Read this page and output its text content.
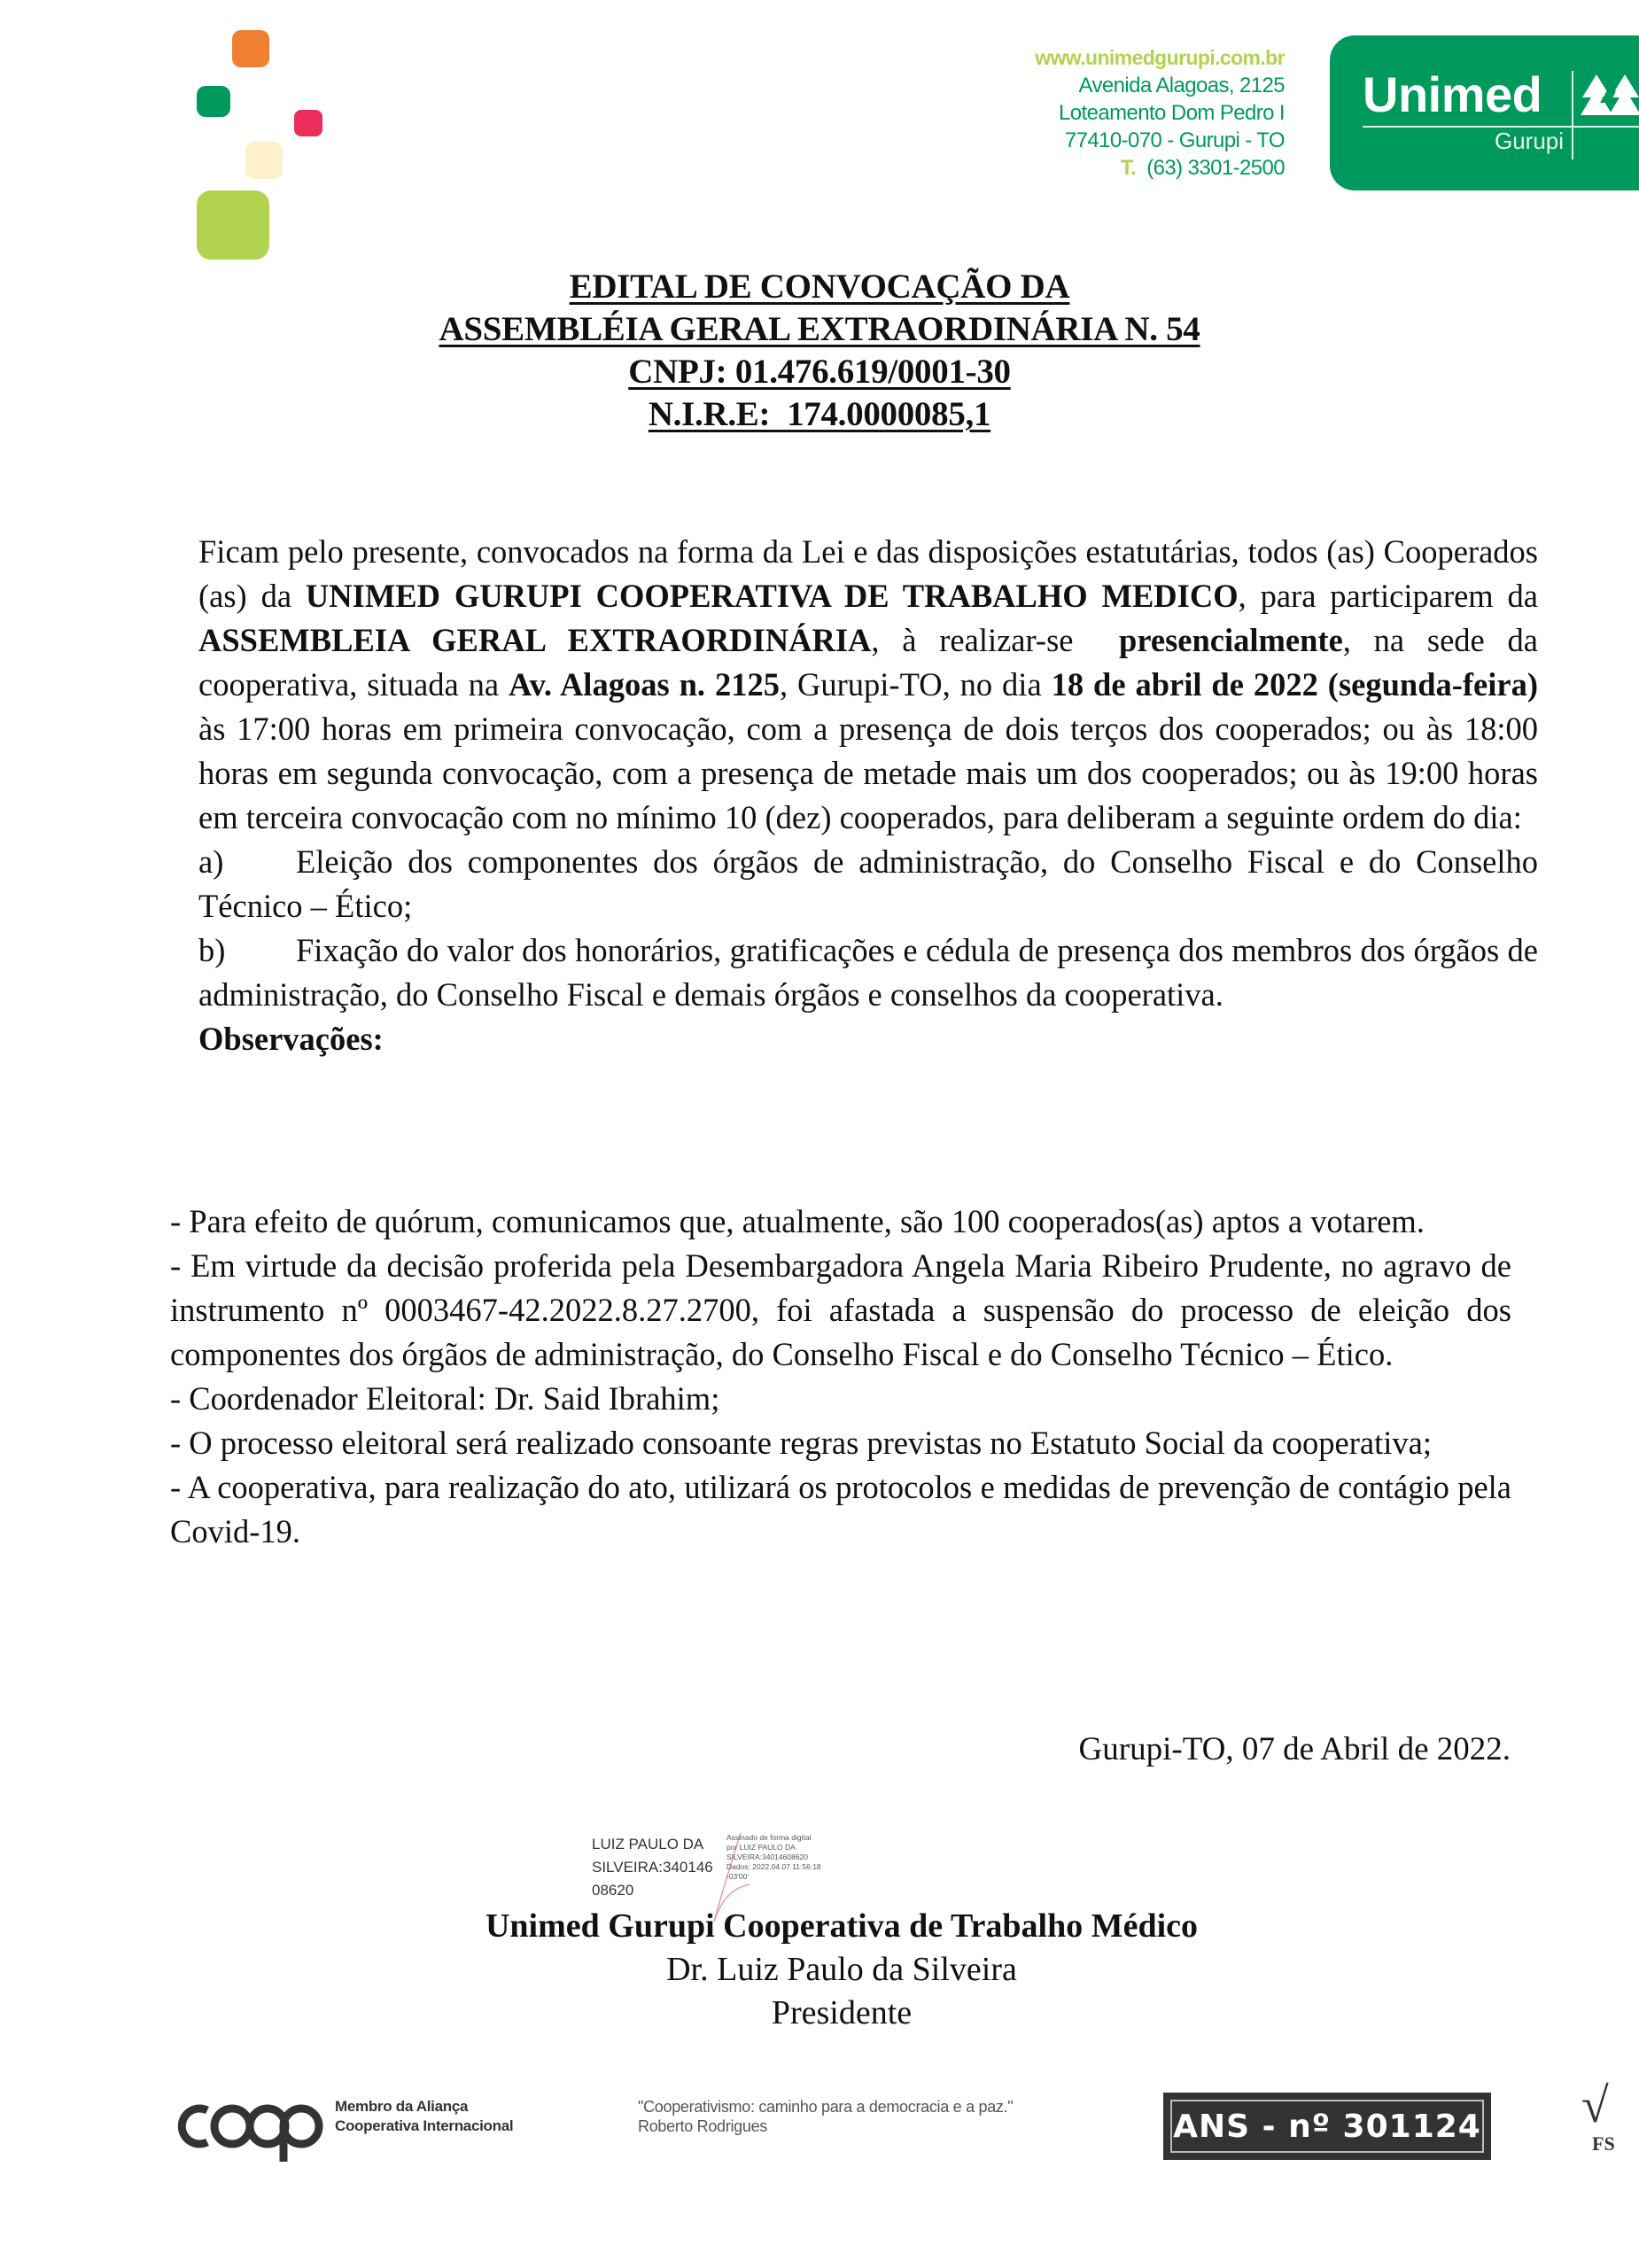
www.unimedgurupi.com.br
Avenida Alagoas, 2125
Loteamento Dom Pedro I
77410-070 - Gurupi - TO
T. (63) 3301-2500
Unimed
Gurupi
EDITAL DE CONVOCAÇÃO DA
ASSEMBLÉIA GERAL EXTRAORDINÁRIA N. 54
CNPJ: 01.476.619/0001-30
N.I.R.E:  174.0000085,1

Ficam pelo presente, convocados na forma da Lei e das disposições estatutárias, todos (as) Cooperados (as) da UNIMED GURUPI COOPERATIVA DE TRABALHO MEDICO, para participarem da ASSEMBLEIA GERAL EXTRAORDINÁRIA, à realizar-se  presencialmente, na sede da cooperativa, situada na Av. Alagoas n. 2125, Gurupi-TO, no dia 18 de abril de 2022 (segunda-feira) às 17:00 horas em primeira convocação, com a presença de dois terços dos cooperados; ou às 18:00 horas em segunda convocação, com a presença de metade mais um dos cooperados; ou às 19:00 horas em terceira convocação com no mínimo 10 (dez) cooperados, para deliberam a seguinte ordem do dia:

a) Eleição dos componentes dos órgãos de administração, do Conselho Fiscal e do Conselho Técnico – Ético;

b) Fixação do valor dos honorários, gratificações e cédula de presença dos membros dos órgãos de administração, do Conselho Fiscal e demais órgãos e conselhos da cooperativa.

Observações:

- Para efeito de quórum, comunicamos que, atualmente, são 100 cooperados(as) aptos a votarem.

- Em virtude da decisão proferida pela Desembargadora Angela Maria Ribeiro Prudente, no agravo de instrumento nº 0003467-42.2022.8.27.2700, foi afastada a suspensão do processo de eleição dos componentes dos órgãos de administração, do Conselho Fiscal e do Conselho Técnico – Ético.

- Coordenador Eleitoral: Dr. Said Ibrahim;

- O processo eleitoral será realizado consoante regras previstas no Estatuto Social da cooperativa;

- A cooperativa, para realização do ato, utilizará os protocolos e medidas de prevenção de contágio pela Covid-19.

Gurupi-TO, 07 de Abril de 2022.
LUIZ PAULO DA
SILVEIRA:340146
08620
Assinado de forma digital
por LUIZ PAULO DA
SILVEIRA:34014608620
Dados: 2022.04.07 11:56:18
-03'00'
Unimed Gurupi Cooperativa de Trabalho Médico
Dr. Luiz Paulo da Silveira
Presidente
Membro da Aliança
Cooperativa Internacional
"Cooperativismo: caminho para a democracia e a paz."
Roberto Rodrigues	ANS - nº 301124 √
FS
